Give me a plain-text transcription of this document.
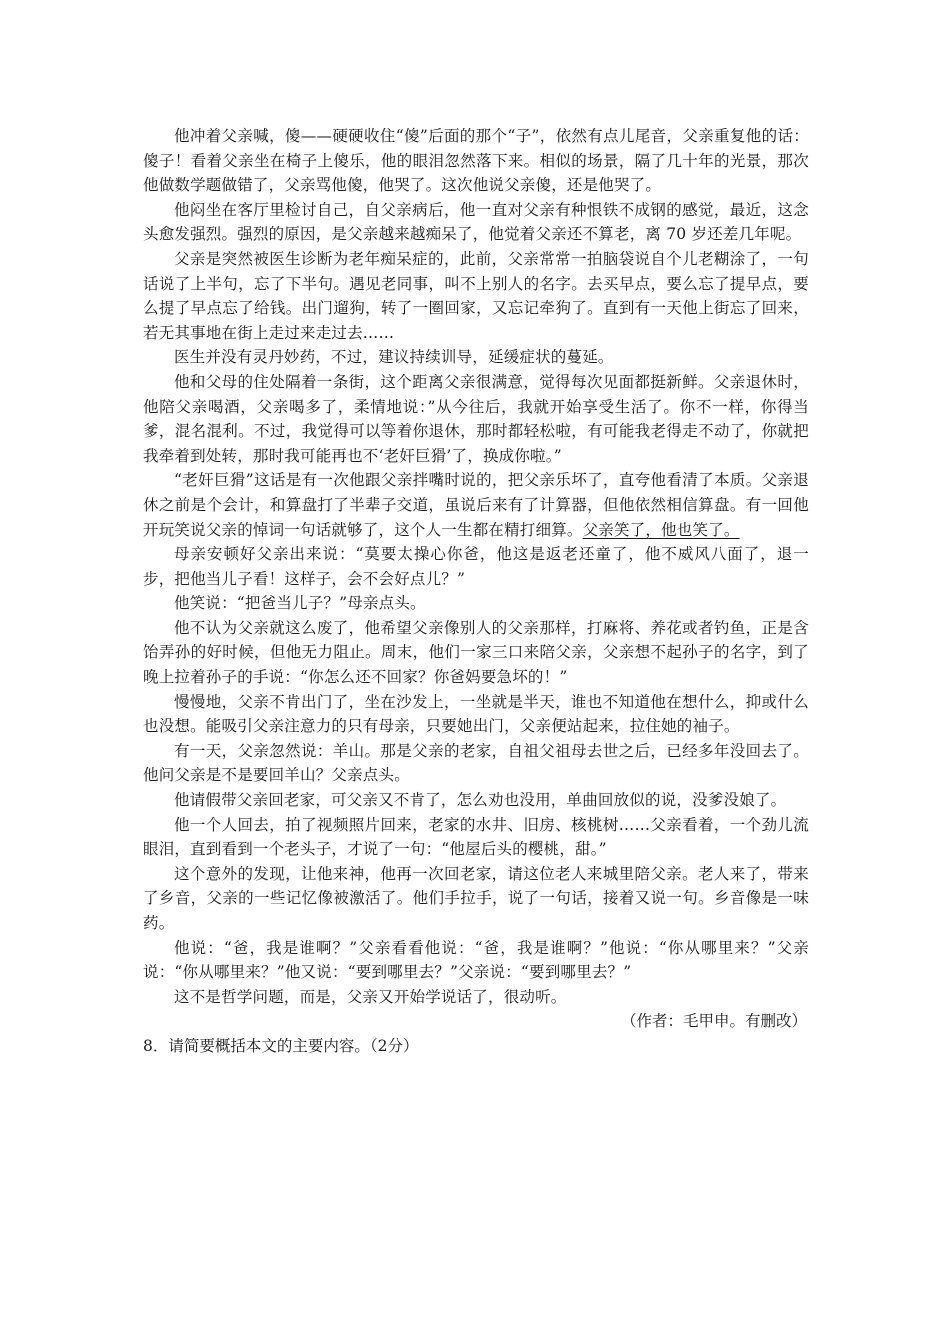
他冲着父亲喊，傻——硬硬收住“傻”后面的那个“子”，依然有点儿尾音，父亲重复他的话：傻子！看着父亲坐在椅子上傻乐，他的眼泪忽然落下来。相似的场景，隔了几十年的光景，那次他做数学题做错了，父亲骂他傻，他哭了。这次他说父亲傻，还是他哭了。

他闷坐在客厅里检讨自己，自父亲病后，他一直对父亲有种恨铁不成钢的感觉，最近，这念头愈发强烈。强烈的原因，是父亲越来越痴呆了，他觉着父亲还不算老，离 70 岁还差几年呢。

父亲是突然被医生诊断为老年痴呆症的，此前，父亲常常一拍脑袋说自个儿老糊涂了，一句话说了上半句，忘了下半句。遇见老同事，叫不上别人的名字。去买早点，要么忘了提早点，要么提了早点忘了给钱。出门遛狗，转了一圈回家，又忘记牵狗了。直到有一天他上街忘了回来，若无其事地在街上走过来走过去……

医生并没有灵丹妙药，不过，建议持续训导，延缓症状的蔓延。

他和父母的住处隔着一条街，这个距离父亲很满意，觉得每次见面都挺新鲜。父亲退休时，他陪父亲喝酒，父亲喝多了，柔情地说：”从今往后，我就开始享受生活了。你不一样，你得当爹，混名混利。不过，我觉得可以等着你退休，那时都轻松啦，有可能我老得走不动了，你就把我牵着到处转，那时我可能再也不‘老奸巨猾’了，换成你啦。”

“老奸巨猾”这话是有一次他跟父亲拌嘴时说的，把父亲乐坏了，直夸他看清了本质。父亲退休之前是个会计，和算盘打了半辈子交道，虽说后来有了计算器，但他依然相信算盘。有一回他开玩笑说父亲的悼词一句话就够了，这个人一生都在精打细算。父亲笑了，他也笑了。

母亲安顿好父亲出来说：“莫要太操心你爸，他这是返老还童了，他不威风八面了，退一步，把他当儿子看！这样子，会不会好点儿？”

他笑说：“把爸当儿子？”母亲点头。

他不认为父亲就这么废了，他希望父亲像别人的父亲那样，打麻将、养花或者钓鱼，正是含饴弄孙的好时候，但他无力阻止。周末，他们一家三口来陪父亲，父亲想不起孙子的名字，到了晚上拉着孙子的手说：“你怎么还不回家？你爸妈要急坏的！”

慢慢地，父亲不肯出门了，坐在沙发上，一坐就是半天，谁也不知道他在想什么，抑或什么也没想。能吸引父亲注意力的只有母亲，只要她出门，父亲便站起来，拉住她的袖子。

有一天，父亲忽然说：羊山。那是父亲的老家，自祖父祖母去世之后，已经多年没回去了。他问父亲是不是要回羊山？父亲点头。

他请假带父亲回老家，可父亲又不肯了，怎么劝也没用，单曲回放似的说，没爹没娘了。

他一个人回去，拍了视频照片回来，老家的水井、旧房、核桃树……父亲看着，一个劲儿流眼泪，直到看到一个老头子，才说了一句：“他屋后头的樱桃，甜。”

这个意外的发现，让他来神，他再一次回老家，请这位老人来城里陪父亲。老人来了，带来了乡音，父亲的一些记忆像被激活了。他们手拉手，说了一句话，接着又说一句。乡音像是一味药。

他说：“爸，我是谁啊？”父亲看看他说：“爸，我是谁啊？”他说：“你从哪里来？”父亲说：“你从哪里来？”他又说：“要到哪里去？”父亲说：“要到哪里去？”

这不是哲学问题，而是，父亲又开始学说话了，很动听。

（作者：毛甲申。有删改）

8．请简要概括本文的主要内容。（2分）
